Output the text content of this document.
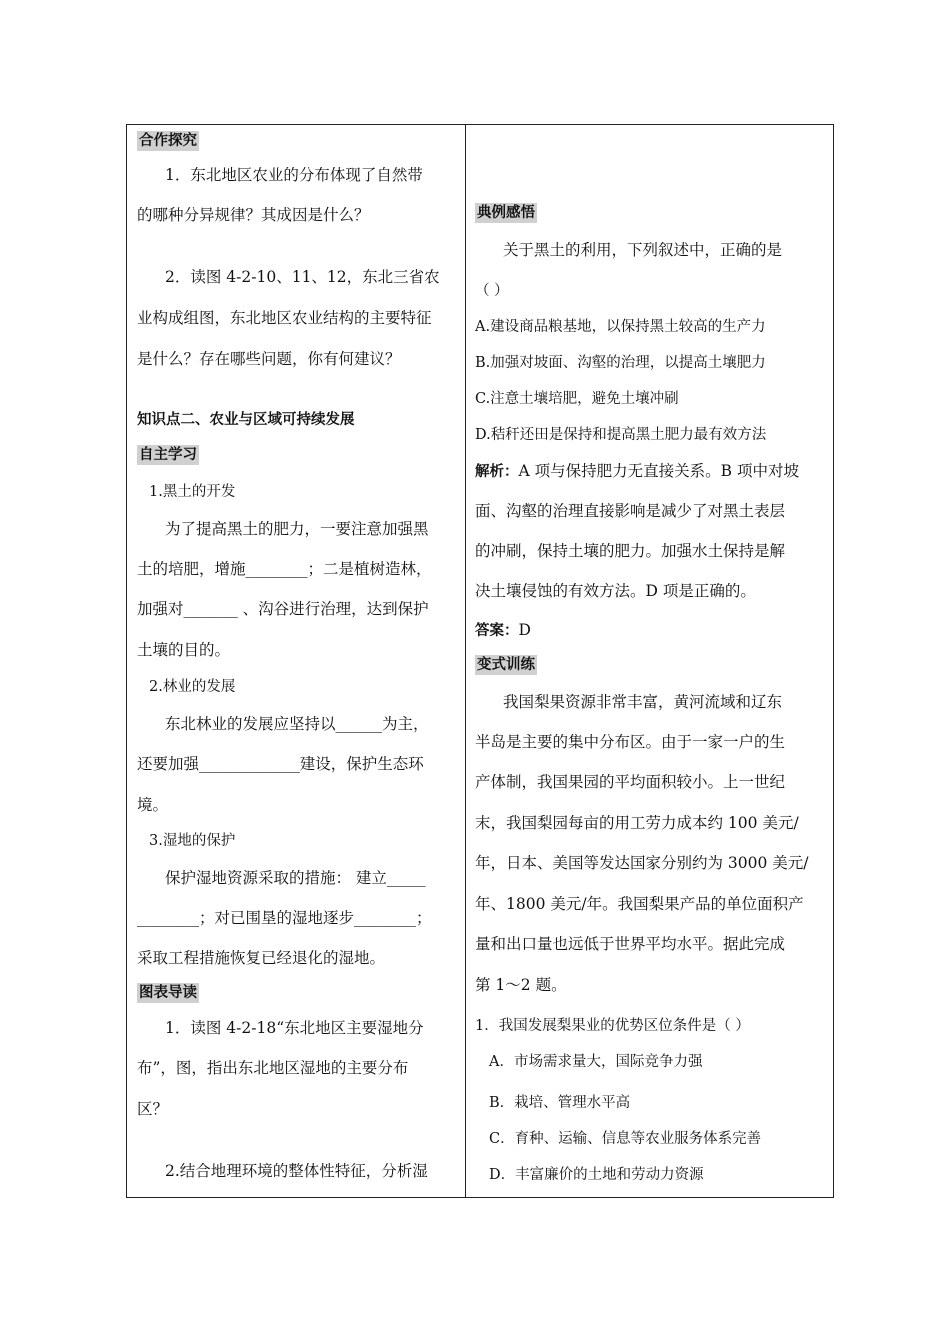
合作探究
1．东北地区农业的分布体现了自然带
的哪种分异规律？其成因是什么？
2．读图 4-2-10、11、12，东北三省农
业构成组图，东北地区农业结构的主要特征
是什么？存在哪些问题，你有何建议？
知识点二、农业与区域可持续发展
自主学习
1.黑土的开发
为了提高黑土的肥力，一要注意加强黑
土的培肥，增施________；二是植树造林，
加强对_______ 、沟谷进行治理，达到保护
土壤的目的。
2.林业的发展
东北林业的发展应坚持以______为主，
还要加强_____________建设，保护生态环
境。
3.湿地的保护
保护湿地资源采取的措施： 建立_____
________；对已围垦的湿地逐步________；
采取工程措施恢复已经退化的湿地。
图表导读
1．读图 4-2-18“东北地区主要湿地分
布”，图，指出东北地区湿地的主要分布
区？
2.结合地理环境的整体性特征，分析湿
典例感悟
关于黑土的利用，下列叙述中，正确的是
（ ）
A.建设商品粮基地，以保持黑土较高的生产力
B.加强对坡面、沟壑的治理，以提高土壤肥力
C.注意土壤培肥，避免土壤冲刷
D.秸秆还田是保持和提高黑土肥力最有效方法
解析：A 项与保持肥力无直接关系。B 项中对坡
面、沟壑的治理直接影响是减少了对黑土表层
的冲刷，保持土壤的肥力。加强水土保持是解
决土壤侵蚀的有效方法。D 项是正确的。
答案：D
变式训练
我国梨果资源非常丰富，黄河流域和辽东
半岛是主要的集中分布区。由于一家一户的生
产体制，我国果园的平均面积较小。上一世纪
末，我国梨园每亩的用工劳力成本约 100 美元/
年，日本、美国等发达国家分别约为 3000 美元/
年、1800 美元/年。我国梨果产品的单位面积产
量和出口量也远低于世界平均水平。据此完成
第 1～2 题。
1．我国发展梨果业的优势区位条件是（ ）
A．市场需求量大，国际竞争力强
B．栽培、管理水平高
C．育种、运输、信息等农业服务体系完善
D．丰富廉价的土地和劳动力资源
